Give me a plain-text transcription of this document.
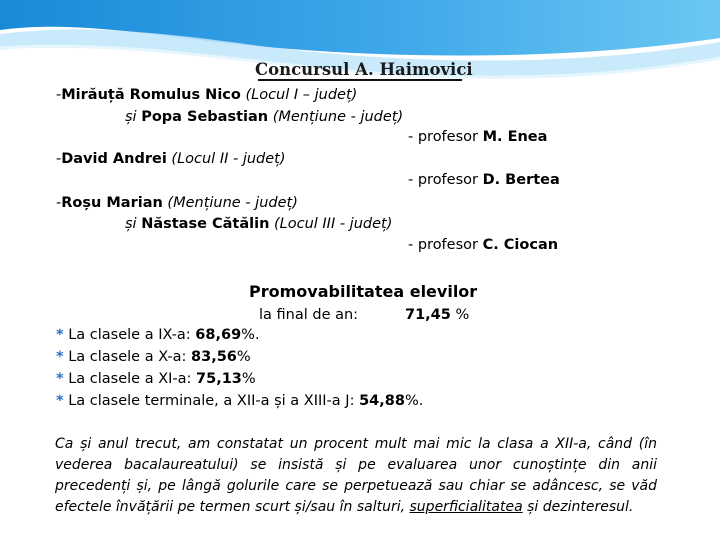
Concursul A. Haimovici
-Mirăuță Romulus Nico (Locul I – județ)
și Popa Sebastian (Mențiune - județ)
- profesor M. Enea
-David Andrei (Locul II - județ)
- profesor D. Bertea
-Roșu Marian (Mențiune - județ)
și Năstase Cătălin (Locul III - județ)
- profesor C. Ciocan
Promovabilitatea elevilor
la final de an:	71,45 %
* La clasele a IX-a: 68,69%.
* La clasele a X-a: 83,56%
* La clasele a XI-a: 75,13%
* La clasele terminale, a XII-a și a XIII-a J: 54,88%.
Ca și anul trecut, am constatat un procent mult mai mic la clasa a XII-a, când (în vederea bacalaureatului) se insistă și pe evaluarea unor cunoștințe din anii precedenți și, pe lângă golurile care se perpetuează sau chiar se adâncesc, se văd efectele învățării pe termen scurt și/sau în salturi, superficialitatea și dezinteresul.
